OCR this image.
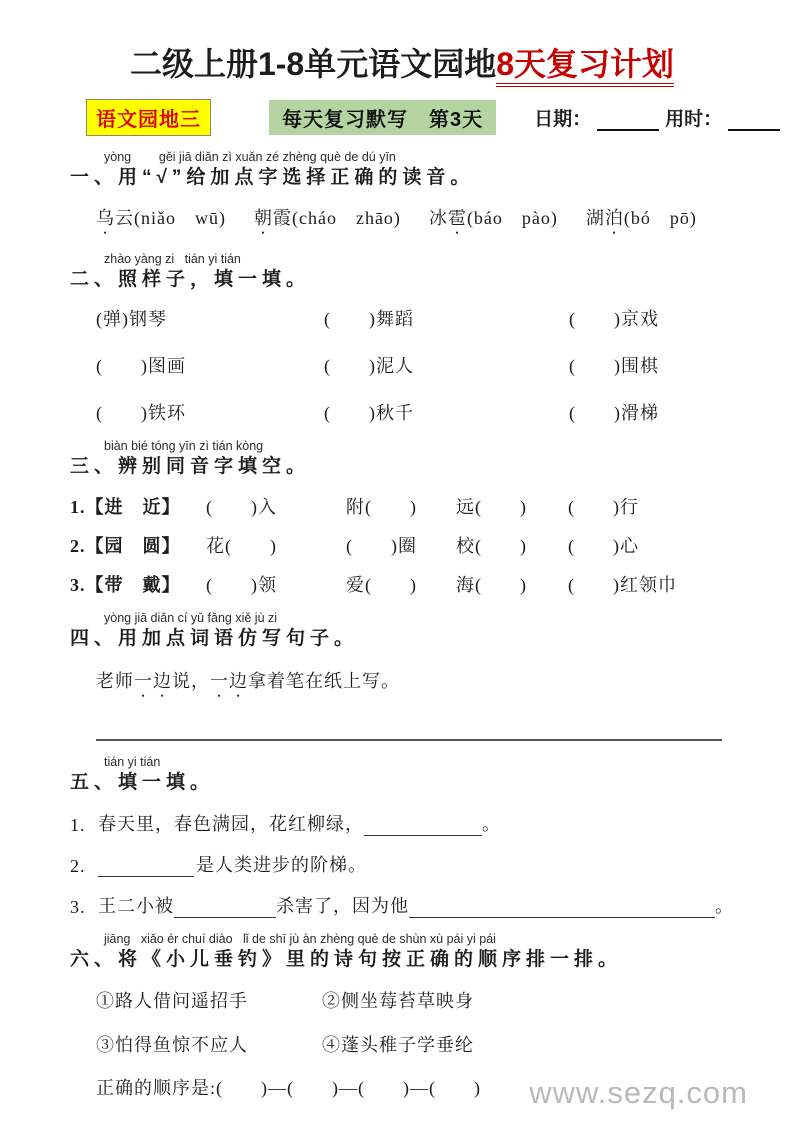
二级上册1-8单元语文园地8天复习计划
语文园地三	每天复习默写　第3天	日期：	用时：
yòng        gěi jiā diǎn zì xuǎn zé zhèng què de dú yīn
一、用“√”给加点字选择正确的读音。
乌云(niǎo　wū) 朝霞(cháo　zhāo) 冰雹(báo　pào) 湖泊(bó　pō)
zhào yàng zi   tián yi tián
二、照样子，填一填。
(弹)钢琴	(　　)舞蹈	(　　)京戏
(　　)图画	(　　)泥人	(　　)围棋
(　　)铁环	(　　)秋千	(　　)滑梯
biàn bié tóng yīn zì tián kòng
三、辨别同音字填空。
1.【进　近】	(　　)入	附(　　)	远(　　)	(　　)行
2.【园　圆】	花(　　)	(　　)圈	校(　　)	(　　)心
3.【带　戴】	(　　)领	爱(　　)	海(　　)	(　　)红领巾
yòng jiā diǎn cí yǔ fǎng xiě jù zi
四、用加点词语仿写句子。
老师一边说，一边拿着笔在纸上写。
tián yi tián
五、填一填。
1. 春天里，春色满园，花红柳绿，	。
2.	是人类进步的阶梯。
3. 王二小被	杀害了，因为他	。
jiāng   xiǎo ér chuí diào   lǐ de shī jù àn zhèng què de shùn xù pái yi pái
六、将《小儿垂钓》里的诗句按正确的顺序排一排。
①路人借问遥招手	②侧坐莓苔草映身
③怕得鱼惊不应人	④蓬头稚子学垂纶
正确的顺序是:(　　)—(　　)—(　　)—(　　)	www.sezq.com
